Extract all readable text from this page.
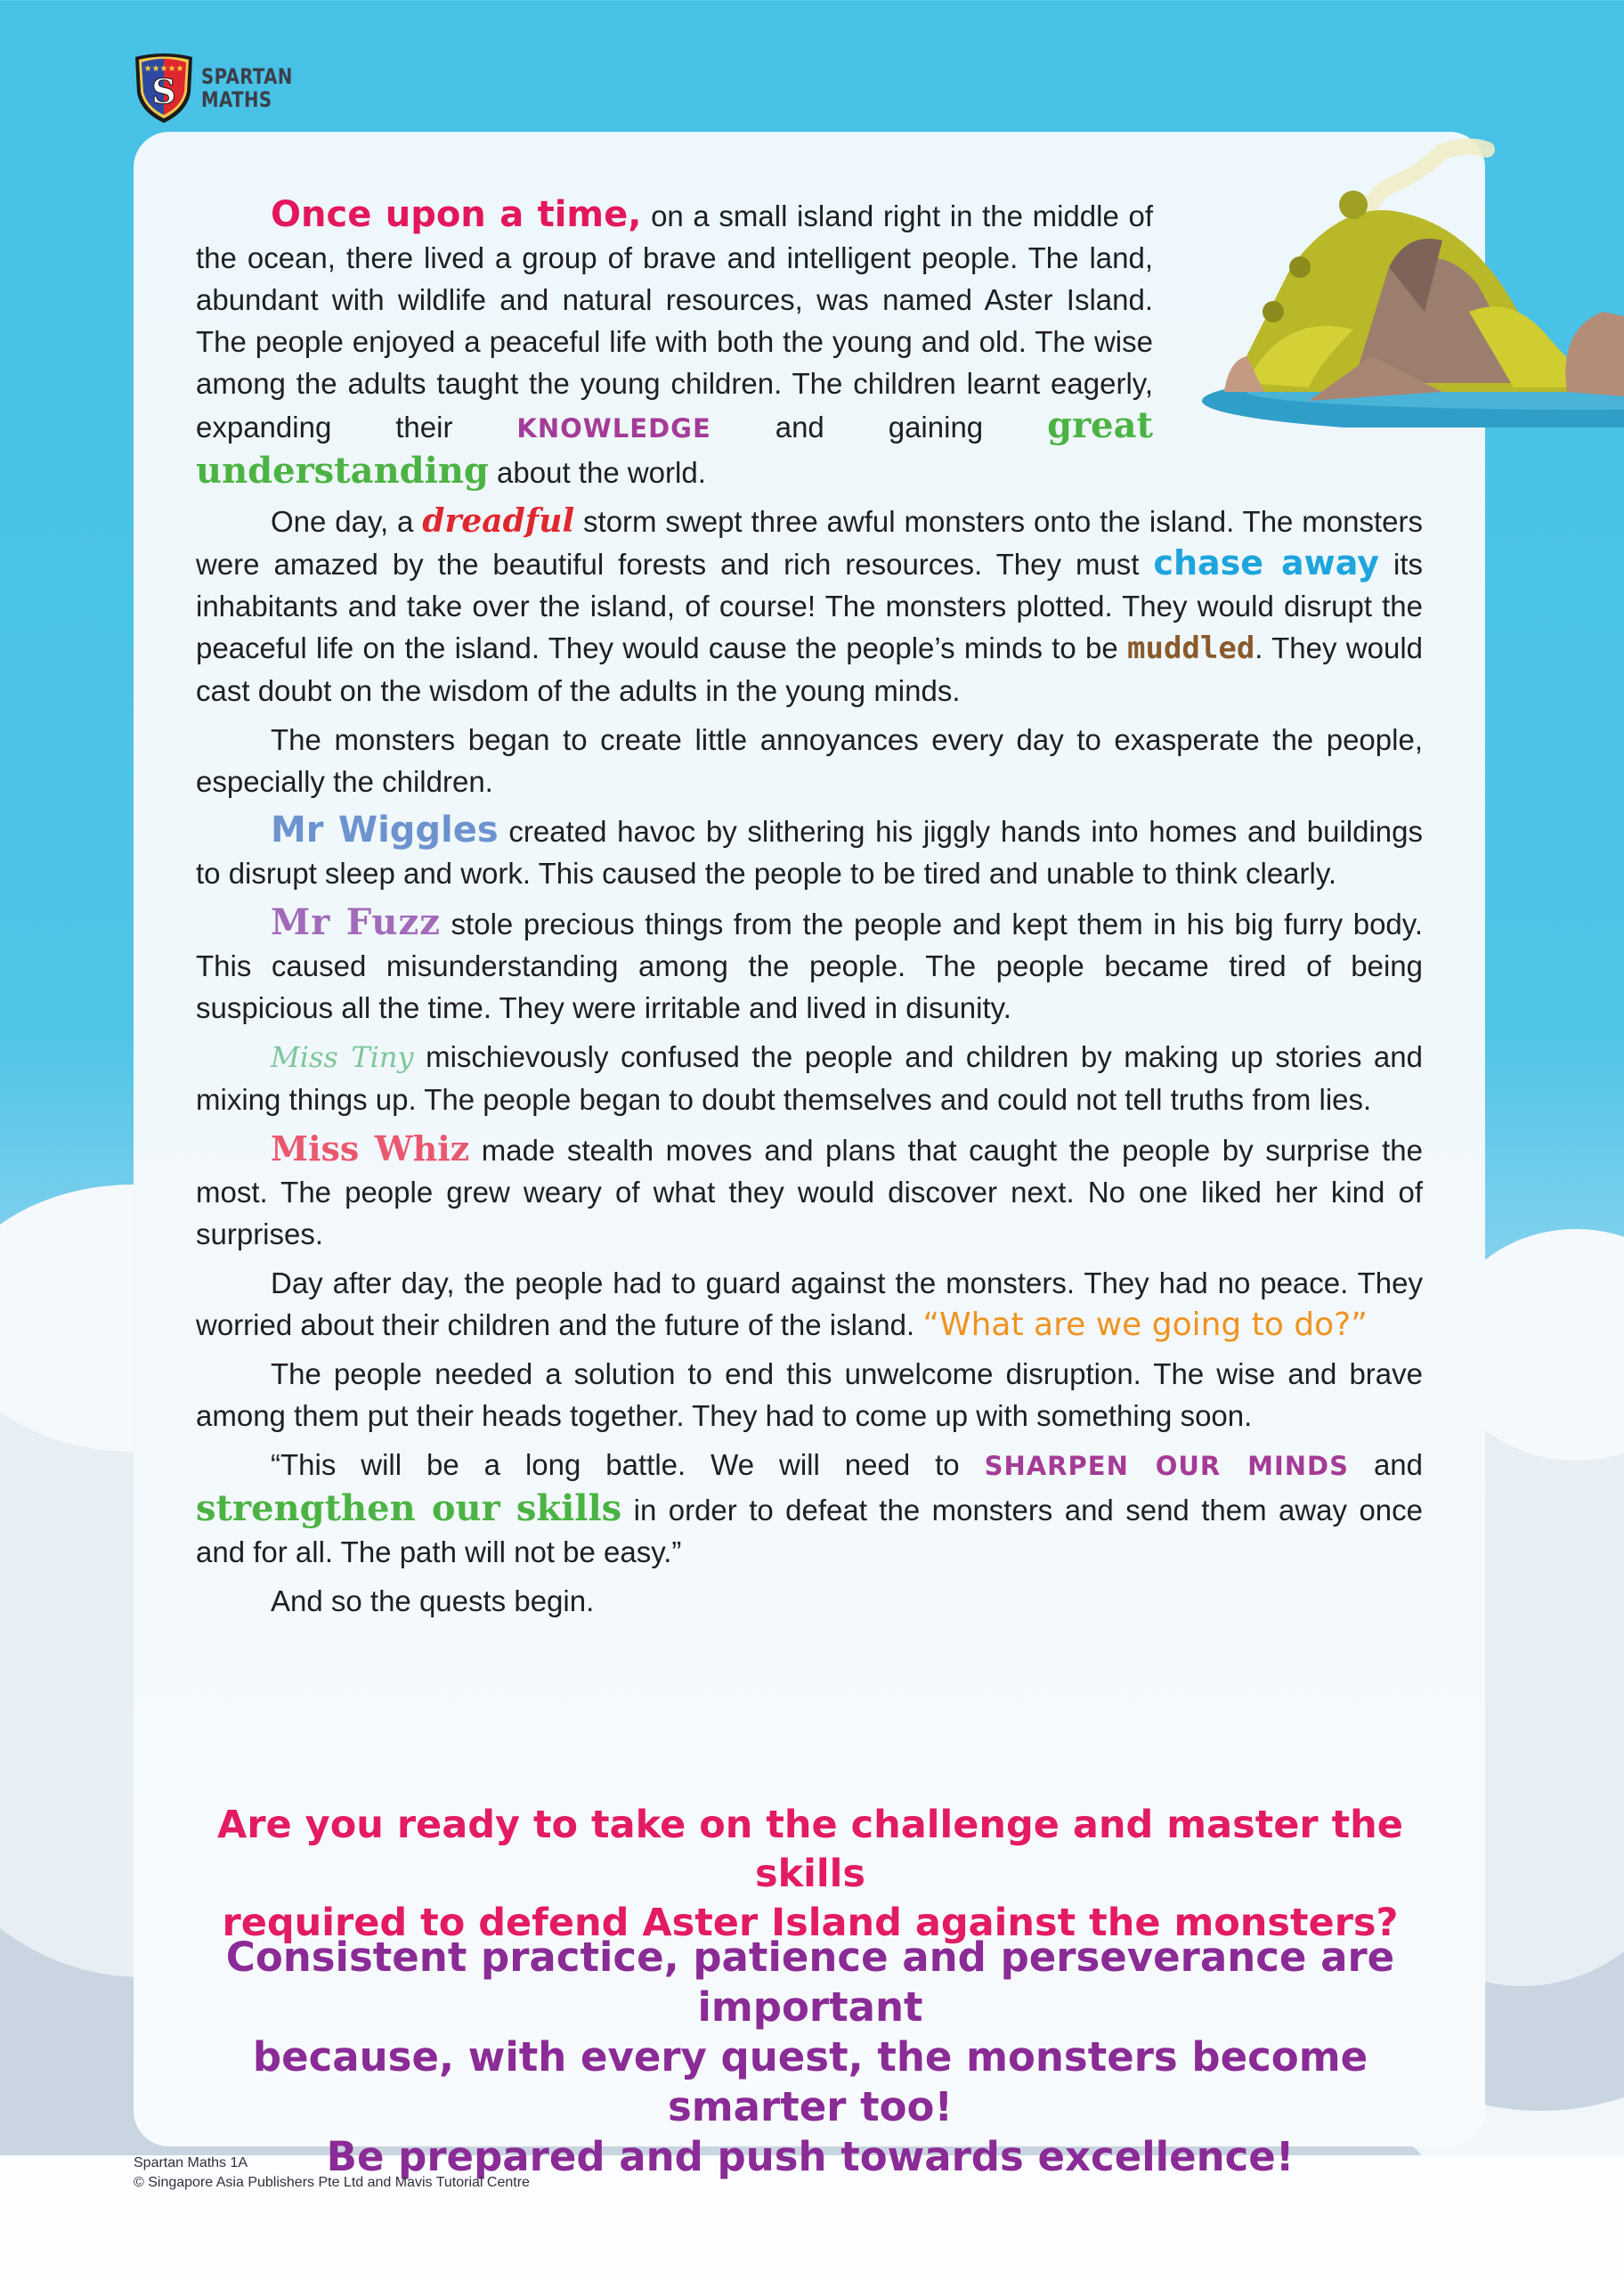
★★★★★
S SPARTAN
MATHS

Once upon a time, on a small island right in the middle of the ocean, there lived a group of brave and intelligent people. The land, abundant with wildlife and natural resources, was named Aster Island. The people enjoyed a peaceful life with both the young and old. The wise among the adults taught the young children. The children learnt eagerly, expanding their KNOWLEDGE and gaining great understanding about the world.

One day, a dreadful storm swept three awful monsters onto the island. The monsters were amazed by the beautiful forests and rich resources. They must chase away its inhabitants and take over the island, of course! The monsters plotted. They would disrupt the peaceful life on the island. They would cause the people’s minds to be muddled. They would cast doubt on the wisdom of the adults in the young minds.

The monsters began to create little annoyances every day to exasperate the people, especially the children.

Mr Wiggles created havoc by slithering his jiggly hands into homes and buildings to disrupt sleep and work. This caused the people to be tired and unable to think clearly.

Mr Fuzz stole precious things from the people and kept them in his big furry body. This caused misunderstanding among the people. The people became tired of being suspicious all the time. They were irritable and lived in disunity.

Miss Tiny mischievously confused the people and children by making up stories and mixing things up. The people began to doubt themselves and could not tell truths from lies.

Miss Whiz made stealth moves and plans that caught the people by surprise the most. The people grew weary of what they would discover next. No one liked her kind of surprises.

Day after day, the people had to guard against the monsters. They had no peace. They worried about their children and the future of the island. “What are we going to do?”

The people needed a solution to end this unwelcome disruption. The wise and brave among them put their heads together. They had to come up with something soon.

“This will be a long battle. We will need to SHARPEN OUR MINDS and strengthen our skills in order to defeat the monsters and send them away once and for all. The path will not be easy.”

And so the quests begin.

Are you ready to take on the challenge and master the skills
required to defend Aster Island against the monsters?
Consistent practice, patience and perseverance are important
because, with every quest, the monsters become smarter too!
Be prepared and push towards excellence!
Spartan Maths 1A
© Singapore Asia Publishers Pte Ltd and Mavis Tutorial Centre
